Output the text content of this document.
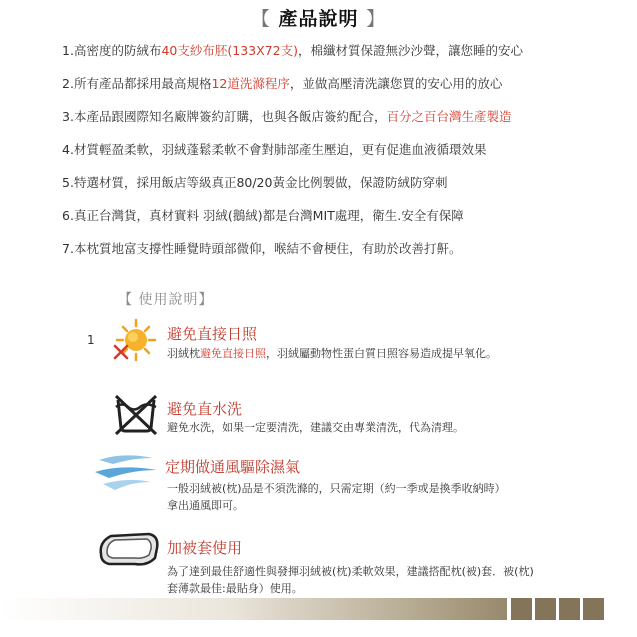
【 產品說明 】
1.高密度的防絨布40支紗布胚(133X72支)，棉纖材質保證無沙沙聲，讓您睡的安心
2.所有產品都採用最高規格12道洗滌程序，並做高壓清洗讓您買的安心用的放心
3.本產品跟國際知名廠牌簽約訂購，也與各飯店簽約配合，百分之百台灣生產製造
4.材質輕盈柔軟，羽絨蓬鬆柔軟不會對肺部產生壓迫，更有促進血液循環效果
5.特選材質，採用飯店等級真正80/20黃金比例製做，保證防絨防穿刺
6.真正台灣貨，真材實料 羽絨(鵝絨)都是台灣MIT處理，衛生.安全有保障
7.本枕質地富支撐性睡覺時頭部微仰，喉結不會梗住，有助於改善打鼾。
【 使用說明】
1	避免直接日照
羽絨枕避免直接日照，羽絨屬動物性蛋白質日照容易造成提早氧化。
避免直水洗
避免水洗，如果一定要清洗，建議交由專業清洗，代為清理。
定期做通風驅除濕氣
一般羽絨被(枕)品是不須洗滌的，只需定期（約一季或是換季收納時）
拿出通風即可。
加被套使用
為了達到最佳舒適性與發揮羽絨被(枕)柔軟效果，建議搭配枕(被)套．被(枕)
套薄款最佳:最貼身）使用。
